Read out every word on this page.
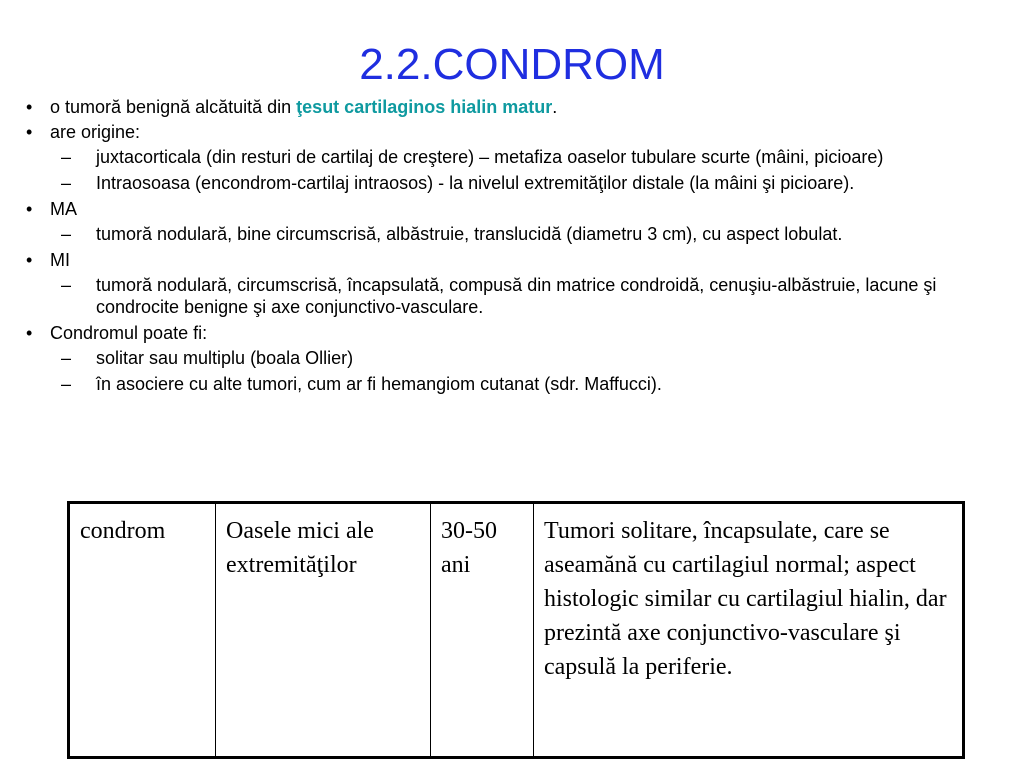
2.2.CONDROM
• o tumoră benignă alcătuită din ţesut cartilaginos hialin matur.
• are origine:
– juxtacorticala (din resturi de cartilaj de creştere) – metafiza oaselor tubulare scurte (mâini, picioare)
– Intraosoasa (encondrom-cartilaj intraosos) - la nivelul extremităţilor distale (la mâini şi picioare).
• MA
– tumoră nodulară, bine circumscrisă, albăstruie, translucidă (diametru 3 cm), cu aspect lobulat.
• MI
– tumoră nodulară, circumscrisă, încapsulată, compusă din matrice condroidă, cenuşiu-albăstruie, lacune şi condrocite benigne şi axe conjunctivo-vasculare.
• Condromul poate fi:
– solitar sau multiplu (boala Ollier)
– în asociere cu alte tumori, cum ar fi hemangiom cutanat (sdr. Maffucci).
condrom	Oasele mici ale extremităţilor	30-50 ani	Tumori solitare, încapsulate, care se aseamănă cu cartilagiul normal; aspect histologic similar cu cartilagiul hialin, dar prezintă axe conjunctivo-vasculare şi capsulă la periferie.
